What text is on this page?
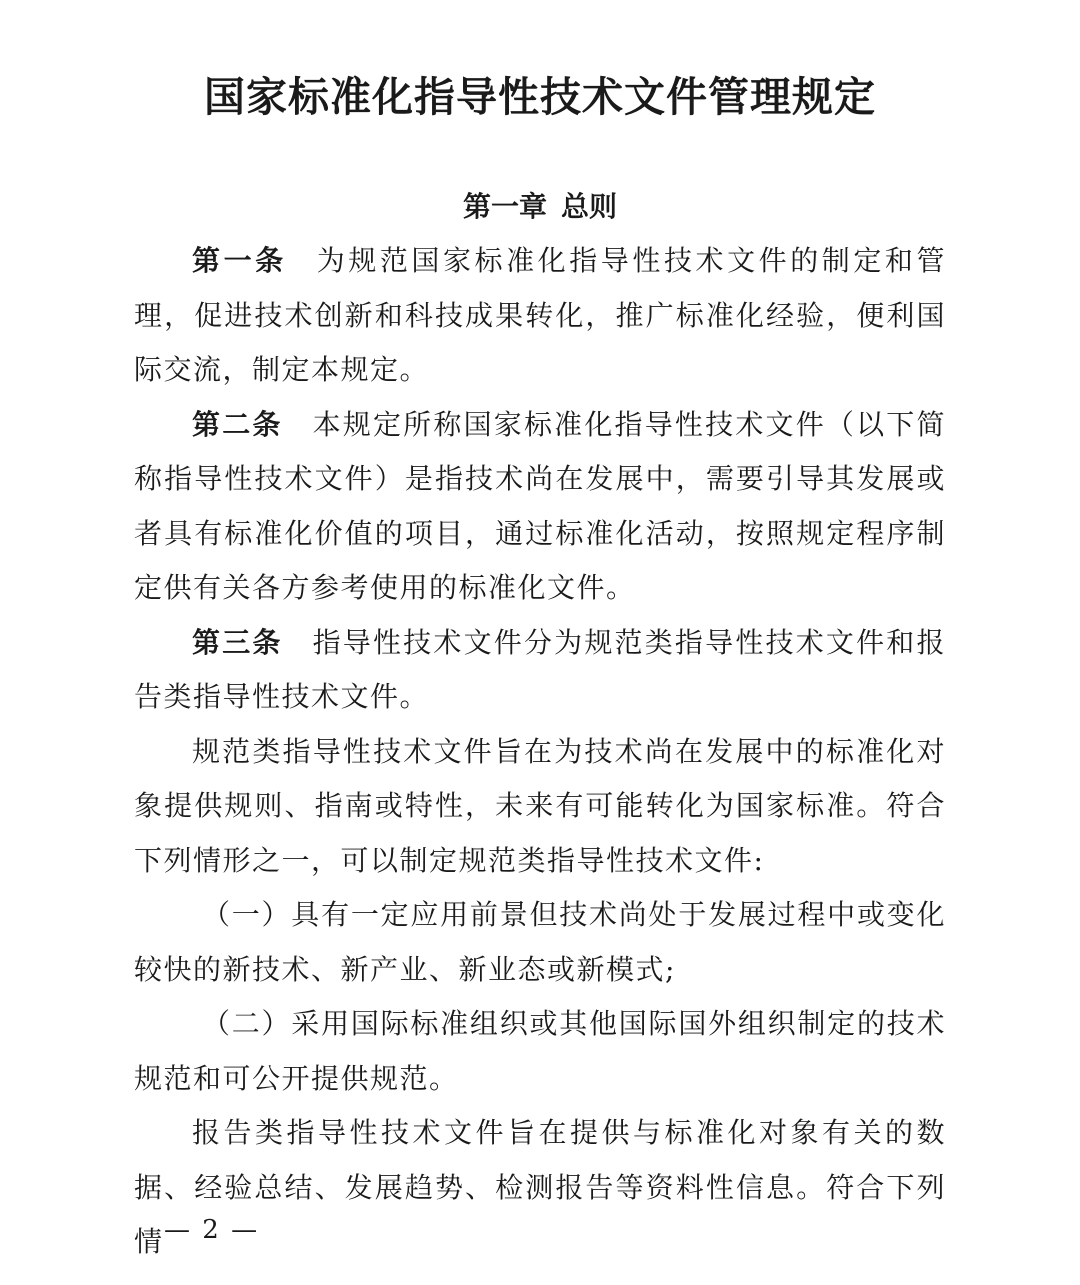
国家标准化指导性技术文件管理规定
第一章 总则

第一条 为规范国家标准化指导性技术文件的制定和管理，促进技术创新和科技成果转化，推广标准化经验，便利国际交流，制定本规定。

第二条 本规定所称国家标准化指导性技术文件（以下简称指导性技术文件）是指技术尚在发展中，需要引导其发展或者具有标准化价值的项目，通过标准化活动，按照规定程序制定供有关各方参考使用的标准化文件。

第三条 指导性技术文件分为规范类指导性技术文件和报告类指导性技术文件。

规范类指导性技术文件旨在为技术尚在发展中的标准化对象提供规则、指南或特性，未来有可能转化为国家标准。符合下列情形之一，可以制定规范类指导性技术文件:

（一）具有一定应用前景但技术尚处于发展过程中或变化较快的新技术、新产业、新业态或新模式;

（二）采用国际标准组织或其他国际国外组织制定的技术规范和可公开提供规范。

报告类指导性技术文件旨在提供与标准化对象有关的数据、经验总结、发展趋势、检测报告等资料性信息。符合下列情 — 2 —
